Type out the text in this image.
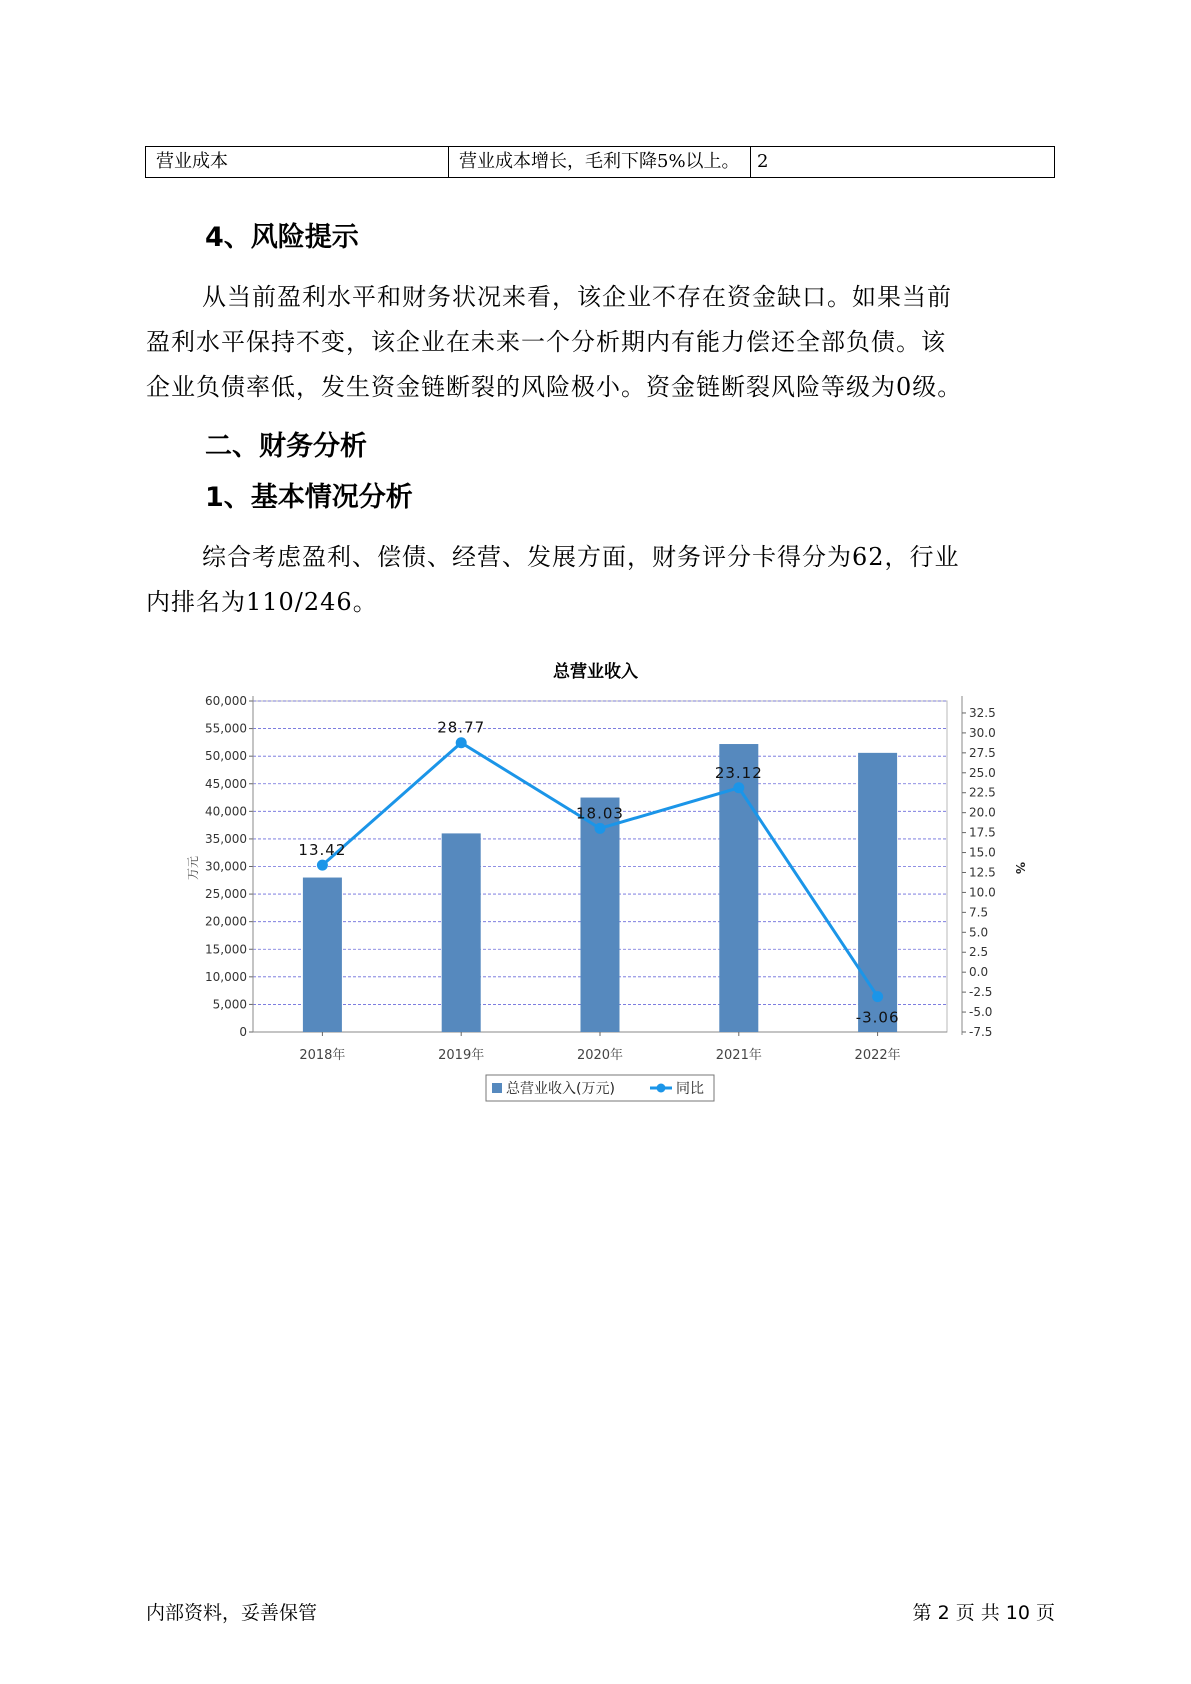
营业成本	营业成本增长，毛利下降5%以上。 2
4、风险提示

从当前盈利水平和财务状况来看，该企业不存在资金缺口。如果当前

盈利水平保持不变，该企业在未来一个分析期内有能力偿还全部负债。该

企业负债率低，发生资金链断裂的风险极小。资金链断裂风险等级为0级。

二、财务分析
1、基本情况分析

综合考虑盈利、偿债、经营、发展方面，财务评分卡得分为62，行业

内排名为110/246。

总营业收入
0
5,000
10,000
15,000
20,000
25,000
30,000
35,000
40,000
45,000
50,000
55,000
60,000
-7.5
-5.0
-2.5
0.0
2.5
5.0
7.5
10.0
12.5
15.0
17.5
20.0
22.5
25.0
27.5
30.0
32.5
万元	%
2018年	2019年	2020年	2021年	2022年
13.42
28.77
18.03
23.12
-3.06
总营业收入(万元)	同比
内部资料，妥善保管	第 2 页 共 10 页
